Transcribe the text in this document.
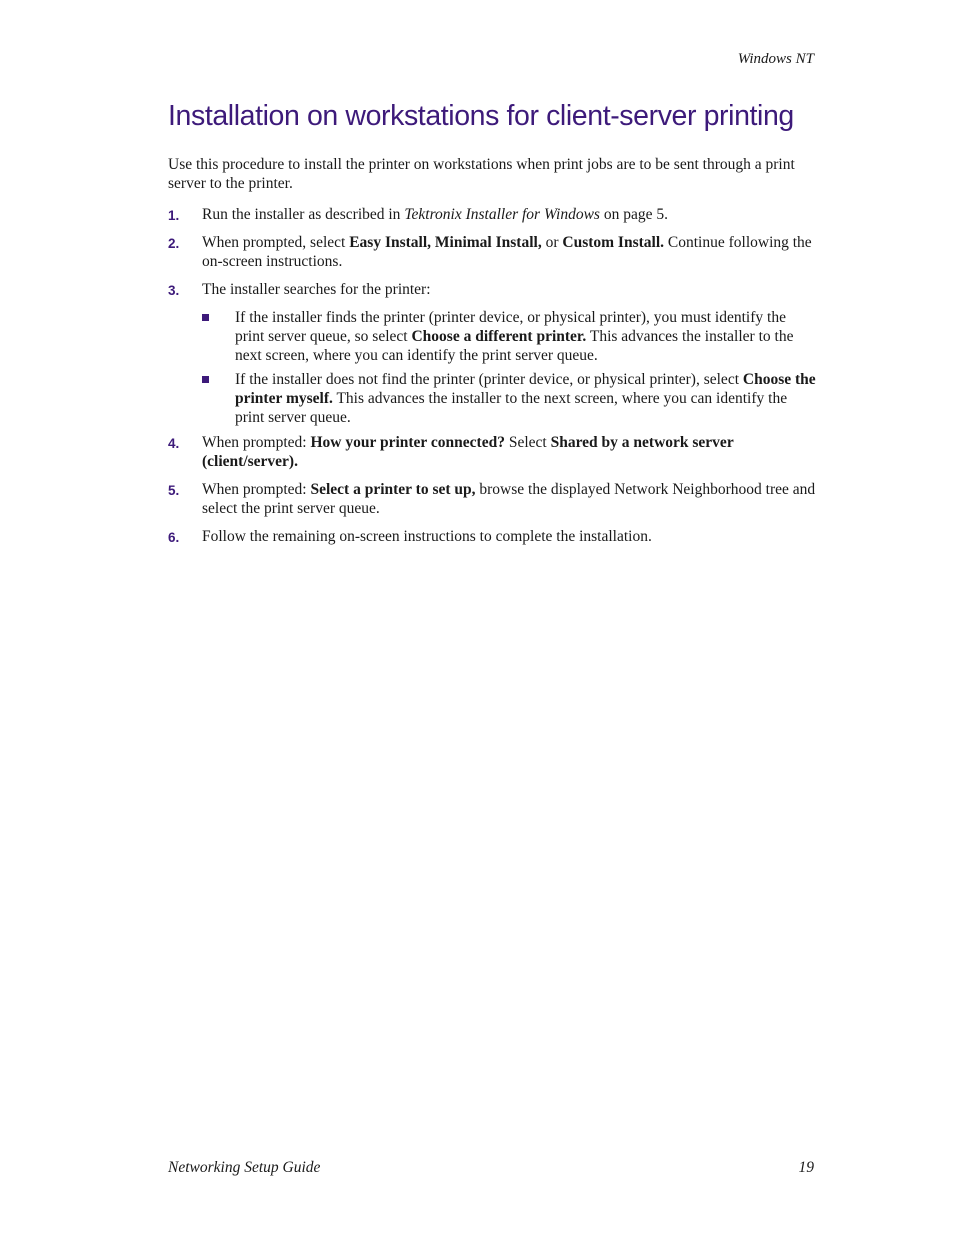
Windows NT
Installation on workstations for client-server printing

Use this procedure to install the printer on workstations when print jobs are to be sent through a print server to the printer.

1. Run the installer as described in Tektronix Installer for Windows on page 5.
2. When prompted, select Easy Install, Minimal Install, or Custom Install. Continue following the on-screen instructions.
3. The installer searches for the printer:
If the installer finds the printer (printer device, or physical printer), you must identify the print server queue, so select Choose a different printer. This advances the installer to the next screen, where you can identify the print server queue.
If the installer does not find the printer (printer device, or physical printer), select Choose the printer myself. This advances the installer to the next screen, where you can identify the print server queue.
4. When prompted: How your printer connected? Select Shared by a network server (client/server).
5. When prompted: Select a printer to set up, browse the displayed Network Neighborhood tree and select the print server queue.
6. Follow the remaining on-screen instructions to complete the installation.
Networking Setup Guide	19
